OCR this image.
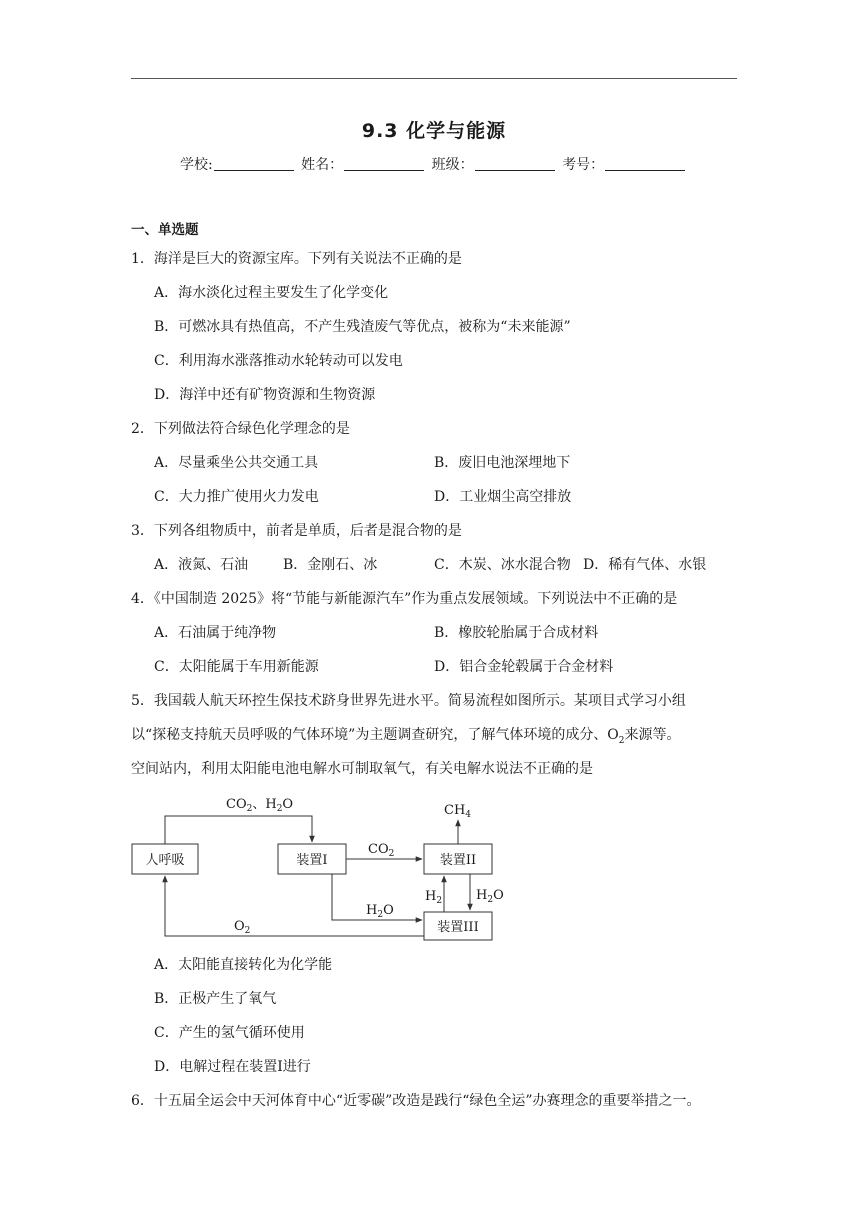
9.3 化学与能源
学校:	姓名：	班级：	考号：
一、单选题
1．海洋是巨大的资源宝库。下列有关说法不正确的是
A．海水淡化过程主要发生了化学变化
B．可燃冰具有热值高，不产生残渣废气等优点，被称为“未来能源”
C．利用海水涨落推动水轮转动可以发电
D．海洋中还有矿物资源和生物资源
2．下列做法符合绿色化学理念的是
A．尽量乘坐公共交通工具	B．废旧电池深埋地下
C．大力推广使用火力发电	D．工业烟尘高空排放
3．下列各组物质中，前者是单质，后者是混合物的是
A．液氮、石油 B．金刚石、冰	C．木炭、冰水混合物 D．稀有气体、水银
4．《中国制造 2025》将“节能与新能源汽车”作为重点发展领域。下列说法中不正确的是
A．石油属于纯净物	B．橡胶轮胎属于合成材料
C．太阳能属于车用新能源	D．铝合金轮毂属于合金材料
5．我国载人航天环控生保技术跻身世界先进水平。简易流程如图所示。某项目式学习小组
以“探秘支持航天员呼吸的气体环境”为主题调查研究，了解气体环境的成分、$O_2$来源等。
空间站内，利用太阳能电池电解水可制取氧气，有关电解水说法不正确的是
人呼吸	装置I	装置II
装置III
$CO_2$、$H_2O$
$CO_2$
$CH_4$
$H_2$	$H_2O$
$H_2O$
$O_2$
A．太阳能直接转化为化学能
B．正极产生了氧气
C．产生的氢气循环使用
D．电解过程在装置I进行
6．十五届全运会中天河体育中心“近零碳”改造是践行“绿色全运”办赛理念的重要举措之一。
